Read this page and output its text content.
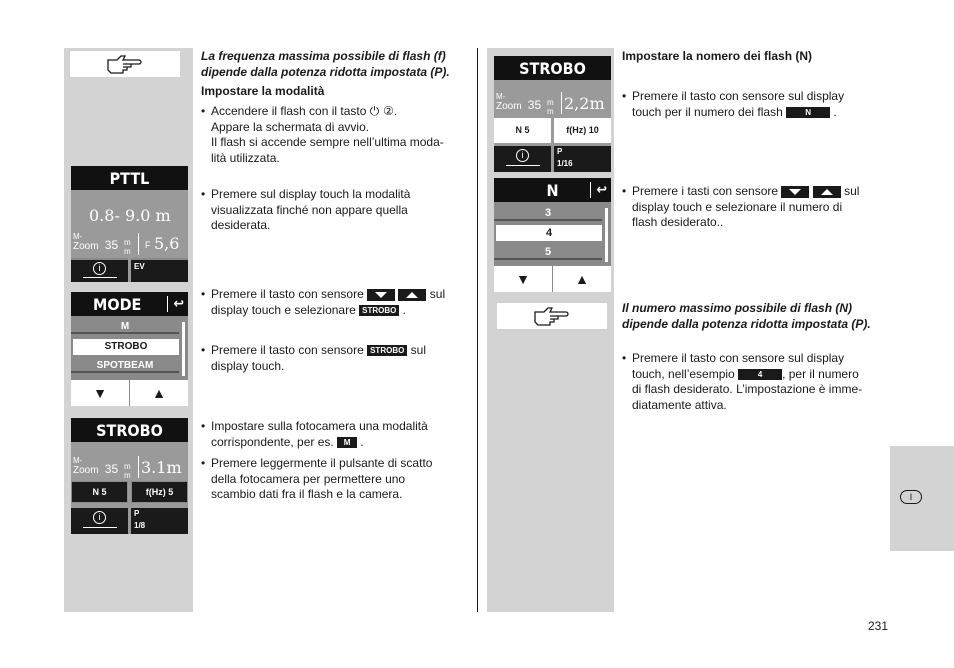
I
PTTL
0.8- 9.0 m
M-
Zoom 35 m m
F 5,6
i	EV
MODE	↩
M
STROBO
SPOTBEAM
▼	▲
STROBO
M-
Zoom 35 m m 3.1m
N 5	f(Hz) 5
i	P
1/8
STROBO
M-
Zoom 35 m m 2,2m
N 5	f(Hz) 10
i	P
1/16
N	↩
3
4
5
▼	▲
La frequenza massima possibile di flash (f) dipende dalla potenza ridotta impostata (P).
Impostare la modalità
• Accendere il flash con il tasto ⏻ ②.
Appare la schermata di avvio.
Il flash si accende sempre nell’ultima moda-
lità utilizzata.
• Premere sul display touch la modalità
visualizzata finché non appare quella
desiderata.
• Premere il tasto con sensore	sul
display touch e selezionare STROBO .
• Premere il tasto con sensore STROBO sul
display touch.
• Impostare sulla fotocamera una modalità
corrispondente, per es. M .
• Premere leggermente il pulsante di scatto
della fotocamera per permettere uno
scambio dati fra il flash e la camera.
Impostare la nomero dei flash (N)
• Premere il tasto con sensore sul display
touch per il numero dei flash	N .
• Premere i tasti con sensore	sul
display touch e selezionare il numero di
flash desiderato..
Il numero massimo possibile di flash (N) dipende dalla potenza ridotta impostata (P).
• Premere il tasto con sensore sul display
touch, nell’esempio	4 , per il numero
di flash desiderato. L’impostazione è imme-
diatamente attiva.
231
